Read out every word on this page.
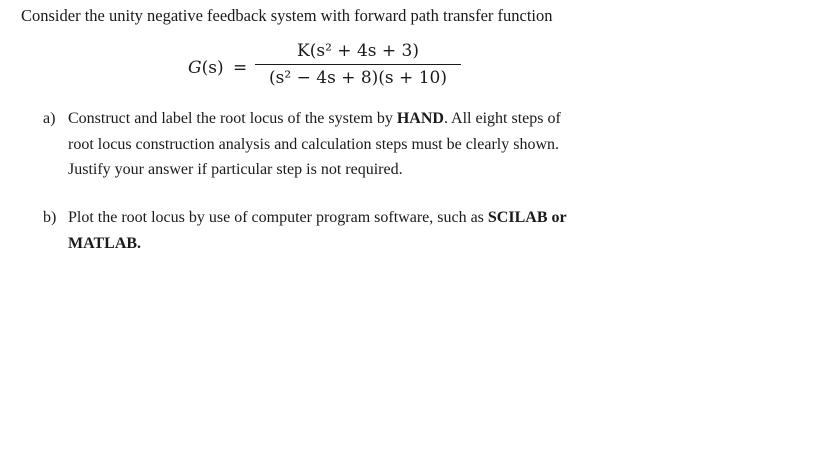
Consider the unity negative feedback system with forward path transfer function
G(s) =
K(s² + 4s + 3)
(s² − 4s + 8)(s + 10)
a) Construct and label the root locus of the system by HAND. All eight steps of
root locus construction analysis and calculation steps must be clearly shown.
Justify your answer if particular step is not required.
b) Plot the root locus by use of computer program software, such as SCILAB or
MATLAB.
